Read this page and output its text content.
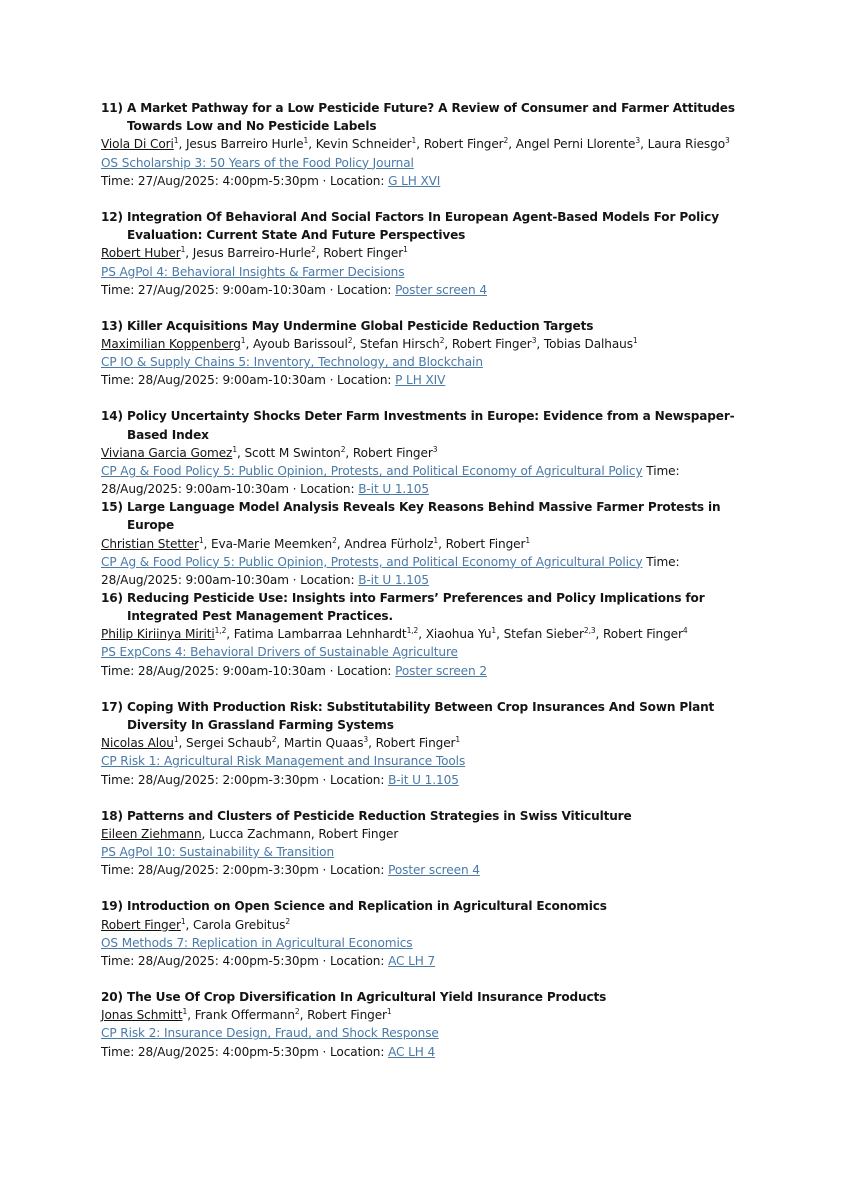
11) A Market Pathway for a Low Pesticide Future? A Review of Consumer and Farmer Attitudes Towards Low and No Pesticide Labels
Viola Di Cori$^1$, Jesus Barreiro Hurle$^1$, Kevin Schneider$^1$, Robert Finger$^2$, Angel Perni Llorente$^3$, Laura Riesgo$^3$
OS Scholarship 3: 50 Years of the Food Policy Journal
Time: 27/Aug/2025: 4:00pm-5:30pm · Location: G LH XVI
12) Integration Of Behavioral And Social Factors In European Agent-Based Models For Policy Evaluation: Current State And Future Perspectives
Robert Huber$^1$, Jesus Barreiro-Hurle$^2$, Robert Finger$^1$
PS AgPol 4: Behavioral Insights & Farmer Decisions
Time: 27/Aug/2025: 9:00am-10:30am · Location: Poster screen 4
13) Killer Acquisitions May Undermine Global Pesticide Reduction Targets
Maximilian Koppenberg$^1$, Ayoub Barissoul$^2$, Stefan Hirsch$^2$, Robert Finger$^3$, Tobias Dalhaus$^1$
CP IO & Supply Chains 5: Inventory, Technology, and Blockchain
Time: 28/Aug/2025: 9:00am-10:30am · Location: P LH XIV
14) Policy Uncertainty Shocks Deter Farm Investments in Europe: Evidence from a Newspaper-Based Index
Viviana Garcia Gomez$^1$, Scott M Swinton$^2$, Robert Finger$^3$
CP Ag & Food Policy 5: Public Opinion, Protests, and Political Economy of Agricultural Policy Time: 28/Aug/2025: 9:00am-10:30am · Location: B-it U 1.105
15) Large Language Model Analysis Reveals Key Reasons Behind Massive Farmer Protests in Europe
Christian Stetter$^1$, Eva-Marie Meemken$^2$, Andrea Fürholz$^1$, Robert Finger$^1$
CP Ag & Food Policy 5: Public Opinion, Protests, and Political Economy of Agricultural Policy Time: 28/Aug/2025: 9:00am-10:30am · Location: B-it U 1.105
16) Reducing Pesticide Use: Insights into Farmers’ Preferences and Policy Implications for Integrated Pest Management Practices.
Philip Kiriinya Miriti$^{1,2}$, Fatima Lambarraa Lehnhardt$^{1,2}$, Xiaohua Yu$^1$, Stefan Sieber$^{2,3}$, Robert Finger$^4$
PS ExpCons 4: Behavioral Drivers of Sustainable Agriculture
Time: 28/Aug/2025: 9:00am-10:30am · Location: Poster screen 2
17) Coping With Production Risk: Substitutability Between Crop Insurances And Sown Plant Diversity In Grassland Farming Systems
Nicolas Alou$^1$, Sergei Schaub$^2$, Martin Quaas$^3$, Robert Finger$^1$
CP Risk 1: Agricultural Risk Management and Insurance Tools
Time: 28/Aug/2025: 2:00pm-3:30pm · Location: B-it U 1.105
18) Patterns and Clusters of Pesticide Reduction Strategies in Swiss Viticulture
Eileen Ziehmann, Lucca Zachmann, Robert Finger
PS AgPol 10: Sustainability & Transition
Time: 28/Aug/2025: 2:00pm-3:30pm · Location: Poster screen 4
19) Introduction on Open Science and Replication in Agricultural Economics
Robert Finger$^1$, Carola Grebitus$^2$
OS Methods 7: Replication in Agricultural Economics
Time: 28/Aug/2025: 4:00pm-5:30pm · Location: AC LH 7
20) The Use Of Crop Diversification In Agricultural Yield Insurance Products
Jonas Schmitt$^1$, Frank Offermann$^2$, Robert Finger$^1$
CP Risk 2: Insurance Design, Fraud, and Shock Response
Time: 28/Aug/2025: 4:00pm-5:30pm · Location: AC LH 4
